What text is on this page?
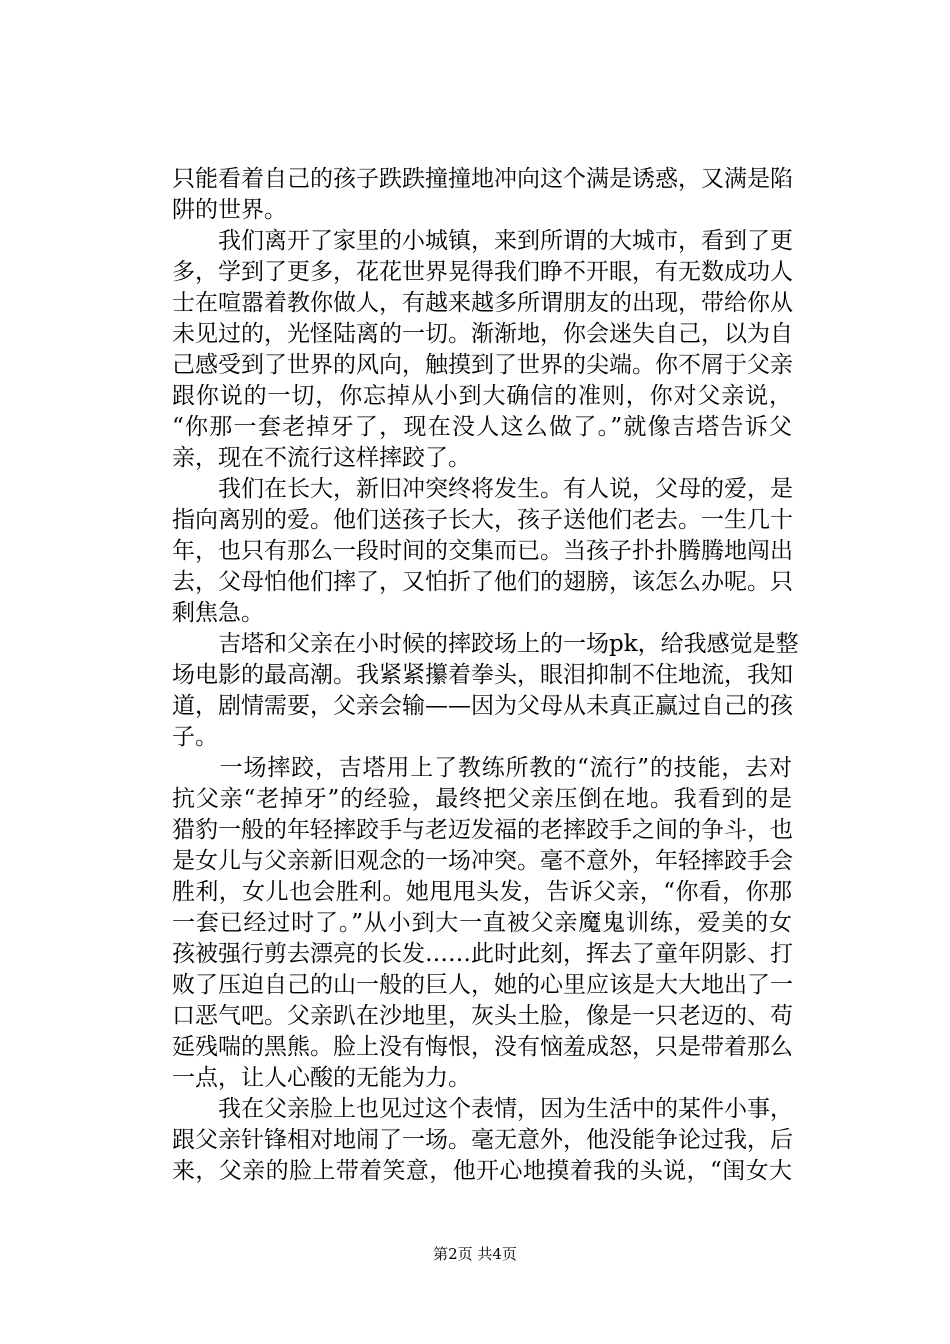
只能看着自己的孩子跌跌撞撞地冲向这个满是诱惑，又满是陷
阱的世界。
　　我们离开了家里的小城镇，来到所谓的大城市，看到了更
多，学到了更多，花花世界晃得我们睁不开眼，有无数成功人
士在喧嚣着教你做人，有越来越多所谓朋友的出现，带给你从
未见过的，光怪陆离的一切。渐渐地，你会迷失自己，以为自
己感受到了世界的风向，触摸到了世界的尖端。你不屑于父亲
跟你说的一切，你忘掉从小到大确信的准则，你对父亲说，
“你那一套老掉牙了，现在没人这么做了。”就像吉塔告诉父
亲，现在不流行这样摔跤了。
　　我们在长大，新旧冲突终将发生。有人说，父母的爱，是
指向离别的爱。他们送孩子长大，孩子送他们老去。一生几十
年，也只有那么一段时间的交集而已。当孩子扑扑腾腾地闯出
去，父母怕他们摔了，又怕折了他们的翅膀，该怎么办呢。只
剩焦急。
　　吉塔和父亲在小时候的摔跤场上的一场pk，给我感觉是整
场电影的最高潮。我紧紧攥着拳头，眼泪抑制不住地流，我知
道，剧情需要，父亲会输——因为父母从未真正赢过自己的孩
子。
　　一场摔跤，吉塔用上了教练所教的“流行”的技能，去对
抗父亲“老掉牙”的经验，最终把父亲压倒在地。我看到的是
猎豹一般的年轻摔跤手与老迈发福的老摔跤手之间的争斗，也
是女儿与父亲新旧观念的一场冲突。毫不意外，年轻摔跤手会
胜利，女儿也会胜利。她甩甩头发，告诉父亲，“你看，你那
一套已经过时了。”从小到大一直被父亲魔鬼训练，爱美的女
孩被强行剪去漂亮的长发……此时此刻，挥去了童年阴影、打
败了压迫自己的山一般的巨人，她的心里应该是大大地出了一
口恶气吧。父亲趴在沙地里，灰头土脸，像是一只老迈的、苟
延残喘的黑熊。脸上没有悔恨，没有恼羞成怒，只是带着那么
一点，让人心酸的无能为力。
　　我在父亲脸上也见过这个表情，因为生活中的某件小事，
跟父亲针锋相对地闹了一场。毫无意外，他没能争论过我，后
来，父亲的脸上带着笑意，他开心地摸着我的头说，“闺女大
第2页 共4页
